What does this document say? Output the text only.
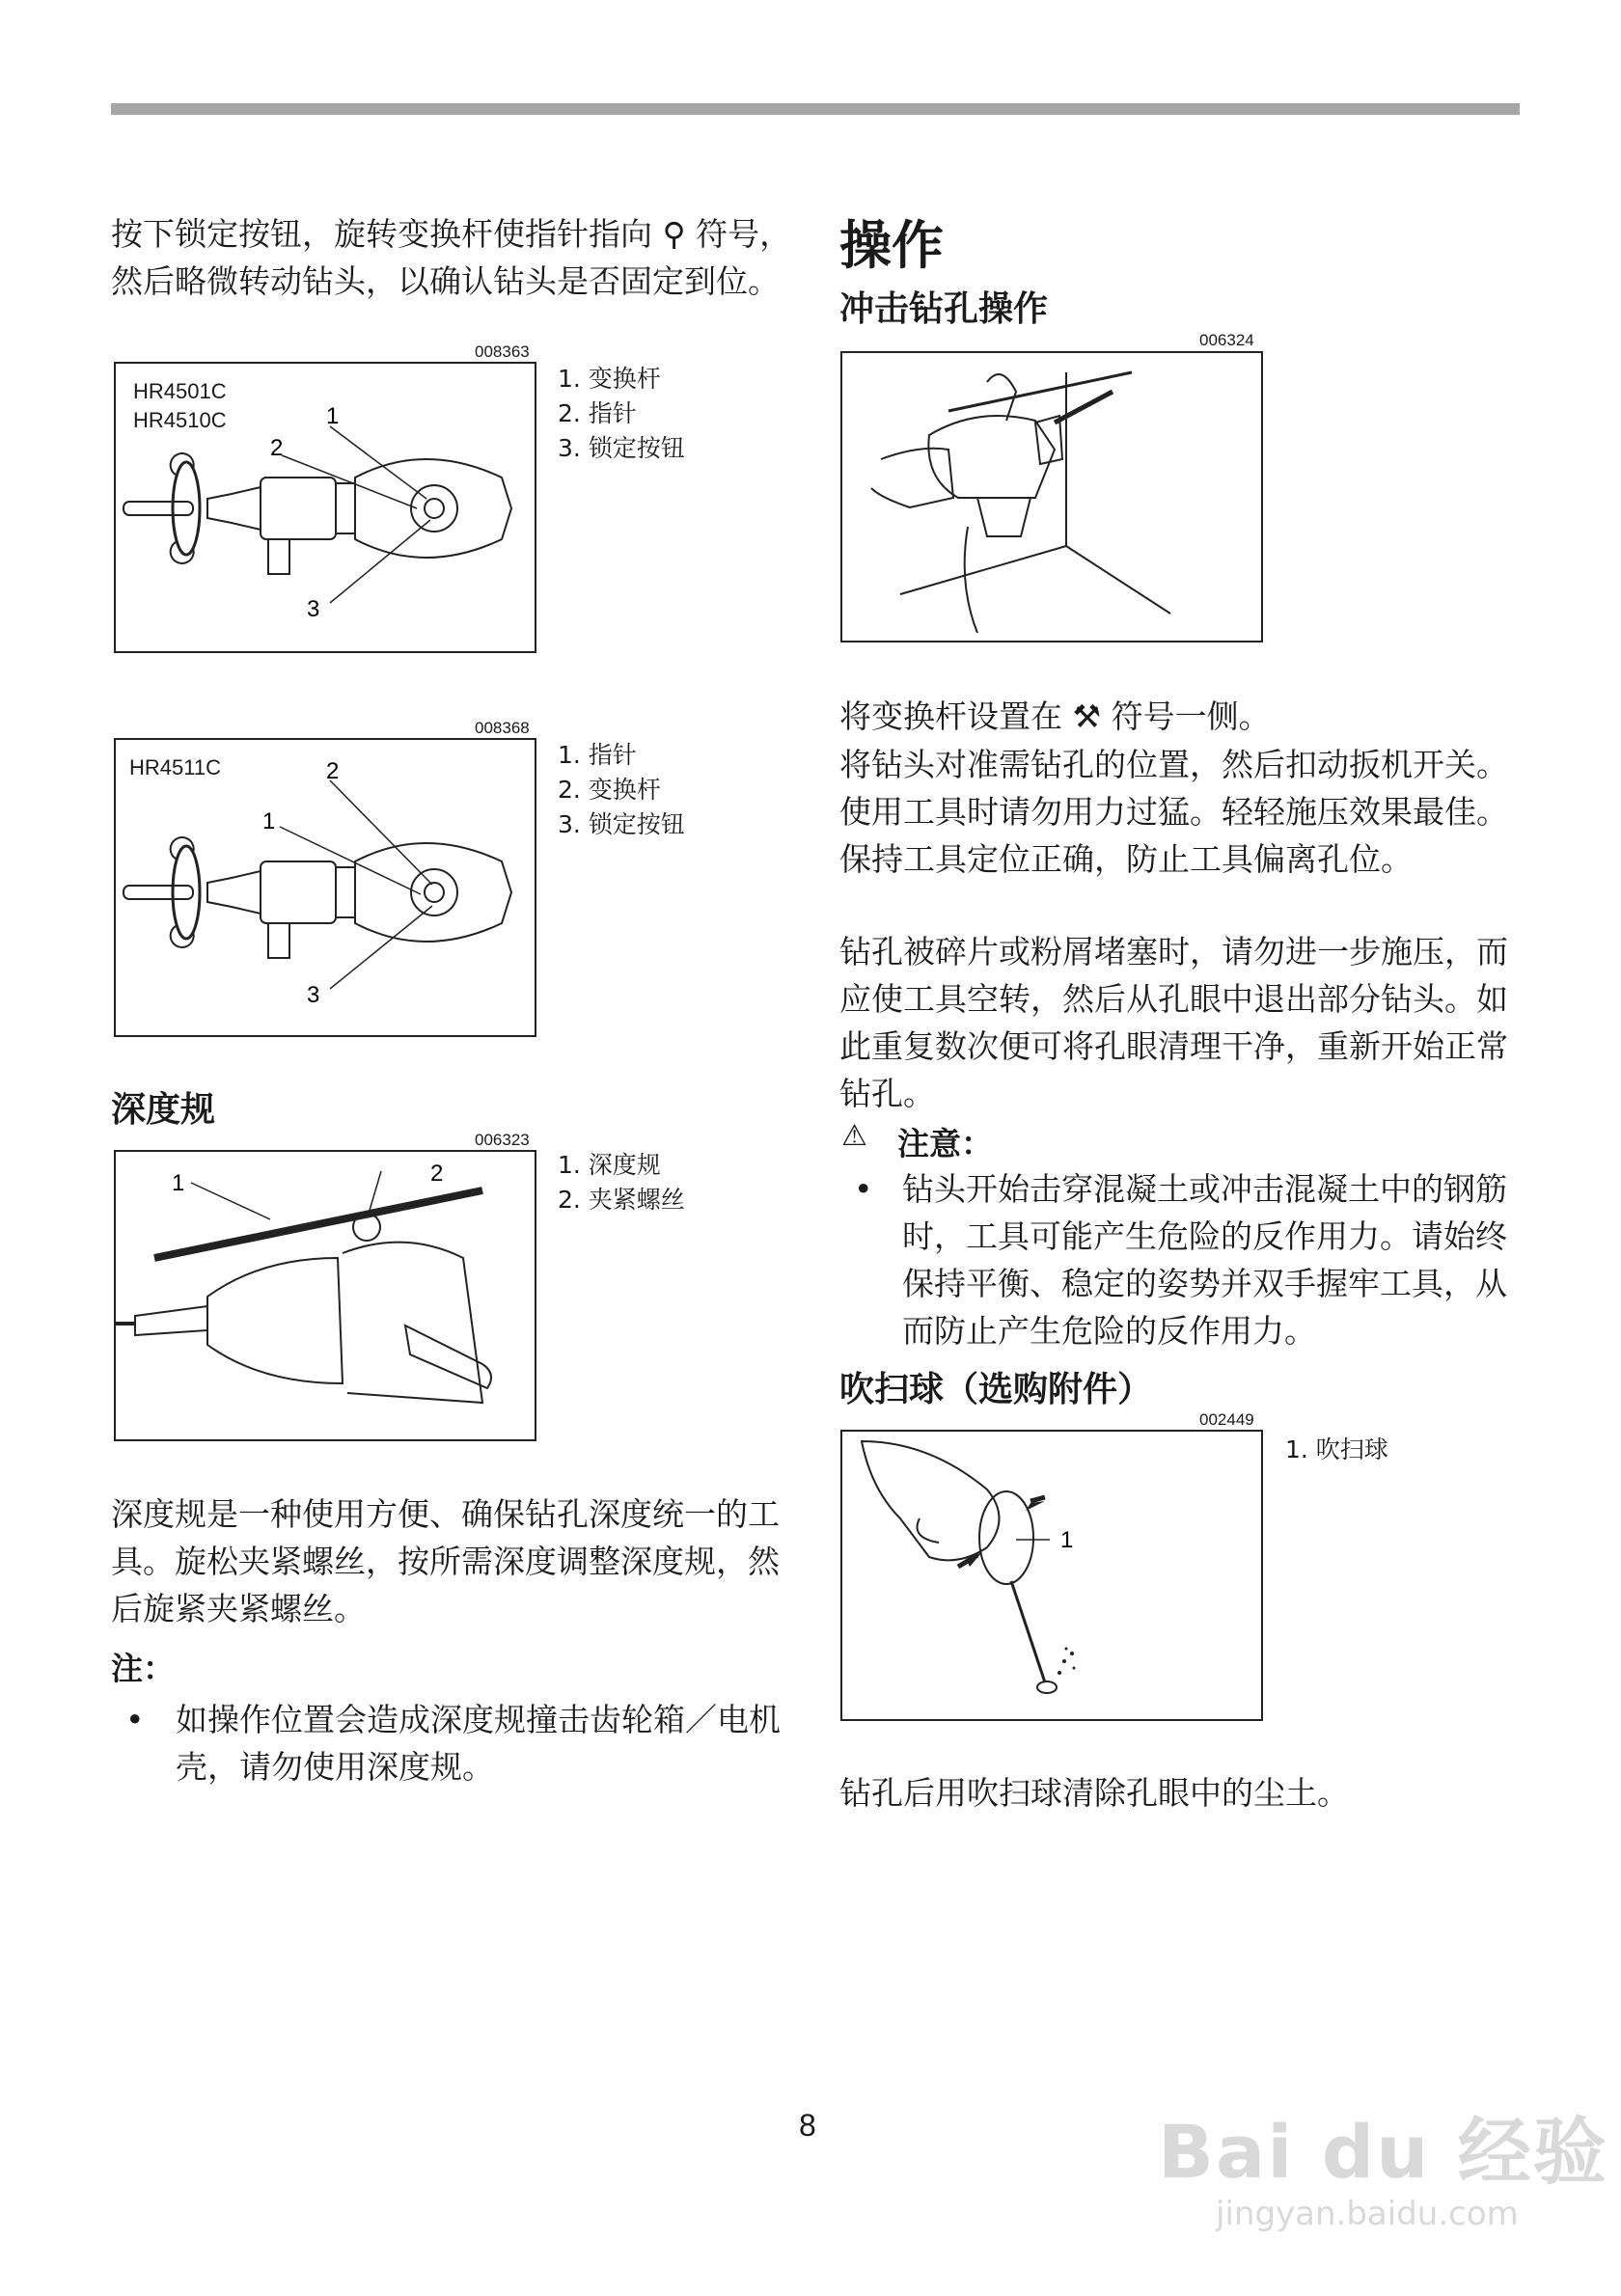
按下锁定按钮，旋转变换杆使指针指向 ⚲ 符号，然后略微转动钻头，以确认钻头是否固定到位。

008363
HR4501C
HR4510C	1
2
3
1. 变换杆
2. 指针
3. 锁定按钮
008368
HR4511C	2
1
3
1. 指针
2. 变换杆
3. 锁定按钮
深度规
006323
1	2	1. 深度规
2. 夹紧螺丝

深度规是一种使用方便、确保钻孔深度统一的工具。旋松夹紧螺丝，按所需深度调整深度规，然后旋紧夹紧螺丝。

注：
• 如操作位置会造成深度规撞击齿轮箱／电机壳，请勿使用深度规。
操作
冲击钻孔操作
006324

将变换杆设置在 ⚒ 符号一侧。

将钻头对准需钻孔的位置，然后扣动扳机开关。使用工具时请勿用力过猛。轻轻施压效果最佳。保持工具定位正确，防止工具偏离孔位。

钻孔被碎片或粉屑堵塞时，请勿进一步施压，而应使工具空转，然后从孔眼中退出部分钻头。如此重复数次便可将孔眼清理干净，重新开始正常钻孔。

⚠ 注意：
• 钻头开始击穿混凝土或冲击混凝土中的钢筋时，工具可能产生危险的反作用力。请始终保持平衡、稳定的姿势并双手握牢工具，从而防止产生危险的反作用力。
吹扫球（选购附件）
002449
1
1. 吹扫球

钻孔后用吹扫球清除孔眼中的尘土。

8	Bai du 经验
jingyan.baidu.com
